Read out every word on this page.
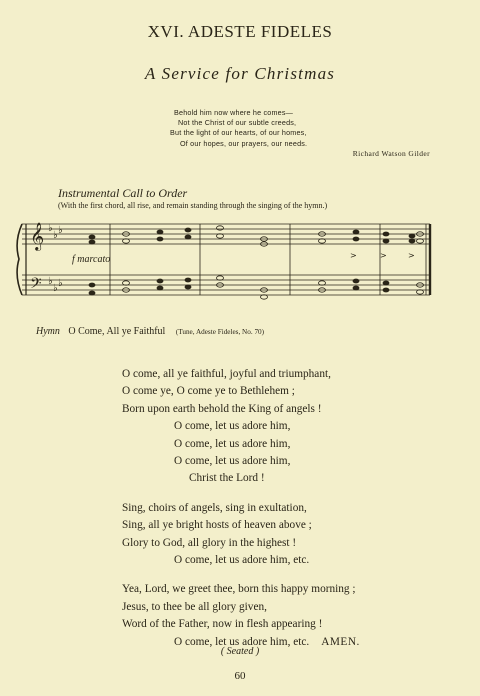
XVI. ADESTE FIDELES
A Service for Christmas
Behold him now where he comes—
Not the Christ of our subtle creeds,
But the light of our hearts, of our homes,
Of our hopes, our prayers, our needs.
Richard Watson Gilder
Instrumental Call to Order
(With the first chord, all rise, and remain standing through the singing of the hymn.)
𝄞
𝄢
♭
♭ ♭
♭
♭ ♭
>	>	>
f marcato
Hymn O Come, All ye Faithful (Tune, Adeste Fideles, No. 70)
O come, all ye faithful, joyful and triumphant,
O come ye, O come ye to Bethlehem ;
Born upon earth behold the King of angels !
O come, let us adore him,
O come, let us adore him,
O come, let us adore him,
Christ the Lord !
Sing, choirs of angels, sing in exultation,
Sing, all ye bright hosts of heaven above ;
Glory to God, all glory in the highest !
O come, let us adore him, etc.
Yea, Lord, we greet thee, born this happy morning ;
Jesus, to thee be all glory given,
Word of the Father, now in flesh appearing !
O come, let us adore him, etc. AMEN.
( Seated )
60
